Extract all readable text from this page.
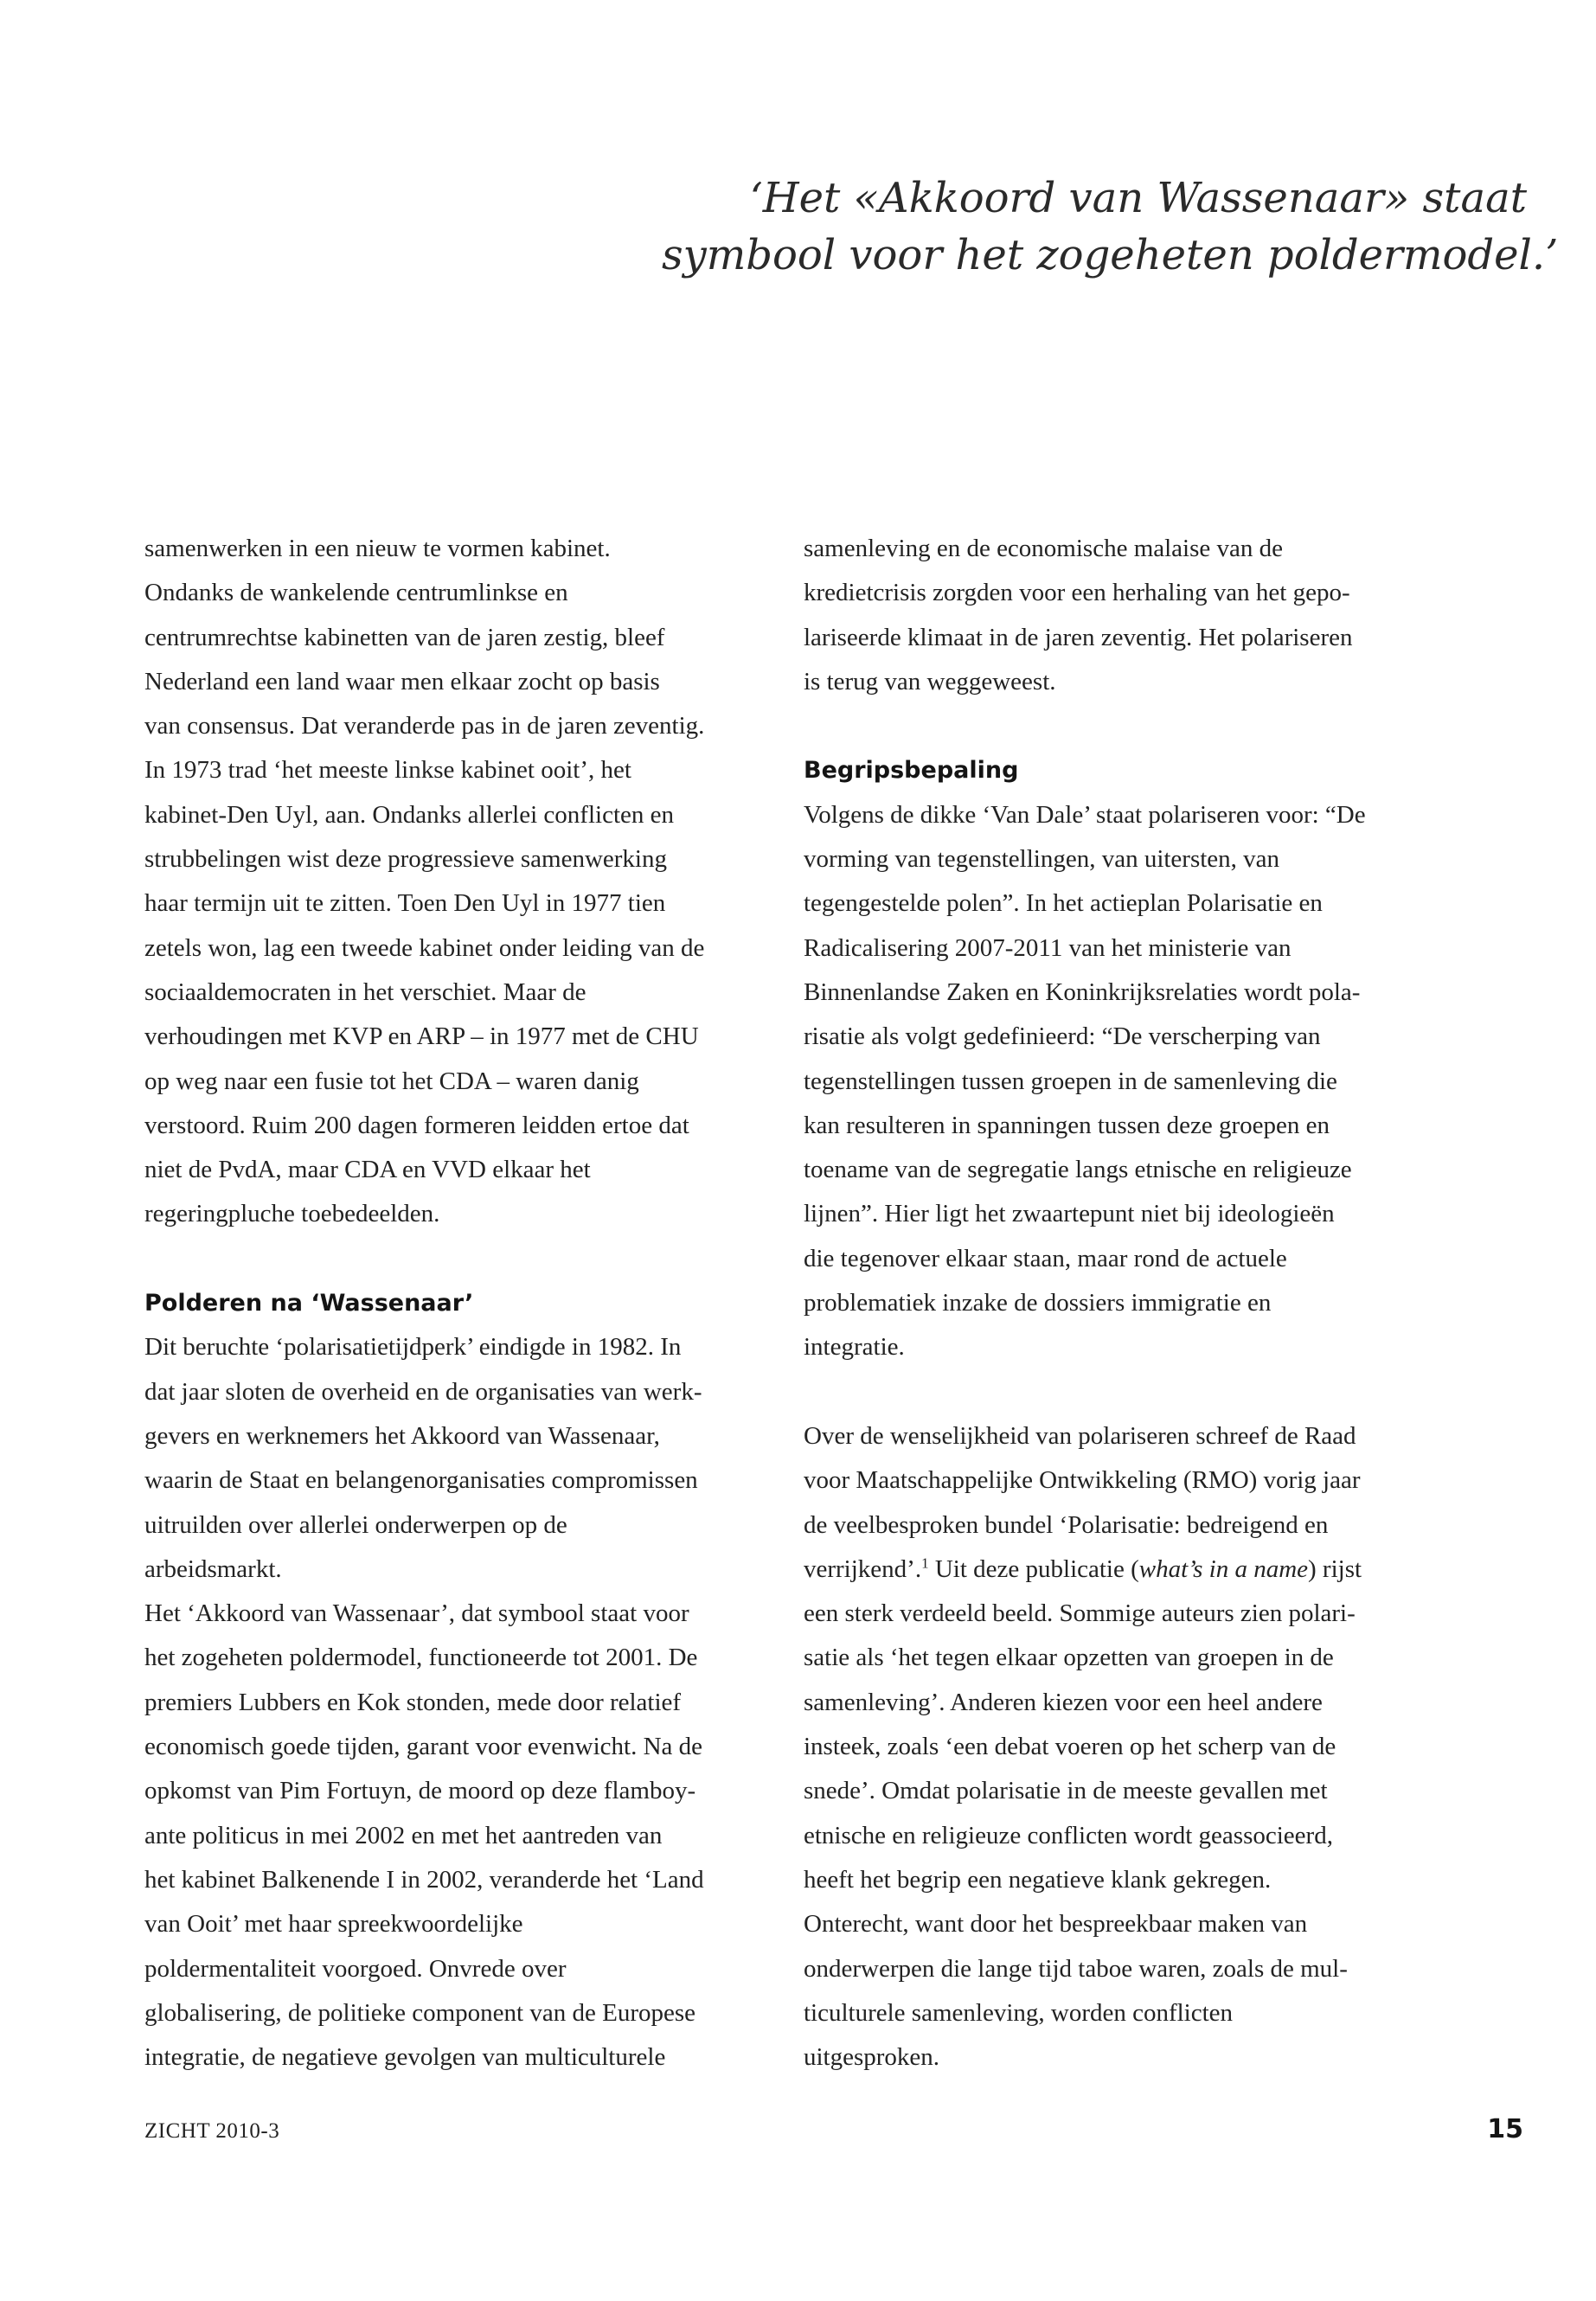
‘Het «Akkoord van Wassenaar» staat
symbool voor het zogeheten poldermodel.’
samenwerken in een nieuw te vormen kabinet.
Ondanks de wankelende centrumlinkse en
centrumrechtse kabinetten van de jaren zestig, bleef
Nederland een land waar men elkaar zocht op basis
van consensus. Dat veranderde pas in de jaren zeventig.
In 1973 trad ‘het meeste linkse kabinet ooit’, het
kabinet-Den Uyl, aan. Ondanks allerlei conflicten en
strubbelingen wist deze progressieve samenwerking
haar termijn uit te zitten. Toen Den Uyl in 1977 tien
zetels won, lag een tweede kabinet onder leiding van de
sociaaldemocraten in het verschiet. Maar de
verhoudingen met KVP en ARP – in 1977 met de CHU
op weg naar een fusie tot het CDA – waren danig
verstoord. Ruim 200 dagen formeren leidden ertoe dat
niet de PvdA, maar CDA en VVD elkaar het
regeringpluche toebedeelden.
Polderen na ‘Wassenaar’
Dit beruchte ‘polarisatietijdperk’ eindigde in 1982. In
dat jaar sloten de overheid en de organisaties van werk-
gevers en werknemers het Akkoord van Wassenaar,
waarin de Staat en belangenorganisaties compromissen
uitruilden over allerlei onderwerpen op de
arbeidsmarkt.
Het ‘Akkoord van Wassenaar’, dat symbool staat voor
het zogeheten poldermodel, functioneerde tot 2001. De
premiers Lubbers en Kok stonden, mede door relatief
economisch goede tijden, garant voor evenwicht. Na de
opkomst van Pim Fortuyn, de moord op deze flamboy-
ante politicus in mei 2002 en met het aantreden van
het kabinet Balkenende I in 2002, veranderde het ‘Land
van Ooit’ met haar spreekwoordelijke
poldermentaliteit voorgoed. Onvrede over
globalisering, de politieke component van de Europese
integratie, de negatieve gevolgen van multiculturele
samenleving en de economische malaise van de
kredietcrisis zorgden voor een herhaling van het gepo-
lariseerde klimaat in de jaren zeventig. Het polariseren
is terug van weggeweest.
Begripsbepaling
Volgens de dikke ‘Van Dale’ staat polariseren voor: “De
vorming van tegenstellingen, van uitersten, van
tegengestelde polen”. In het actieplan Polarisatie en
Radicalisering 2007-2011 van het ministerie van
Binnenlandse Zaken en Koninkrijksrelaties wordt pola-
risatie als volgt gedefinieerd: “De verscherping van
tegenstellingen tussen groepen in de samenleving die
kan resulteren in spanningen tussen deze groepen en
toename van de segregatie langs etnische en religieuze
lijnen”. Hier ligt het zwaartepunt niet bij ideologieën
die tegenover elkaar staan, maar rond de actuele
problematiek inzake de dossiers immigratie en
integratie.
Over de wenselijkheid van polariseren schreef de Raad
voor Maatschappelijke Ontwikkeling (RMO) vorig jaar
de veelbesproken bundel ‘Polarisatie: bedreigend en
verrijkend’.$^1$ Uit deze publicatie (what’s in a name) rijst
een sterk verdeeld beeld. Sommige auteurs zien polari-
satie als ‘het tegen elkaar opzetten van groepen in de
samenleving’. Anderen kiezen voor een heel andere
insteek, zoals ‘een debat voeren op het scherp van de
snede’. Omdat polarisatie in de meeste gevallen met
etnische en religieuze conflicten wordt geassocieerd,
heeft het begrip een negatieve klank gekregen.
Onterecht, want door het bespreekbaar maken van
onderwerpen die lange tijd taboe waren, zoals de mul-
ticulturele samenleving, worden conflicten
uitgesproken.
ZICHT 2010-3	15
